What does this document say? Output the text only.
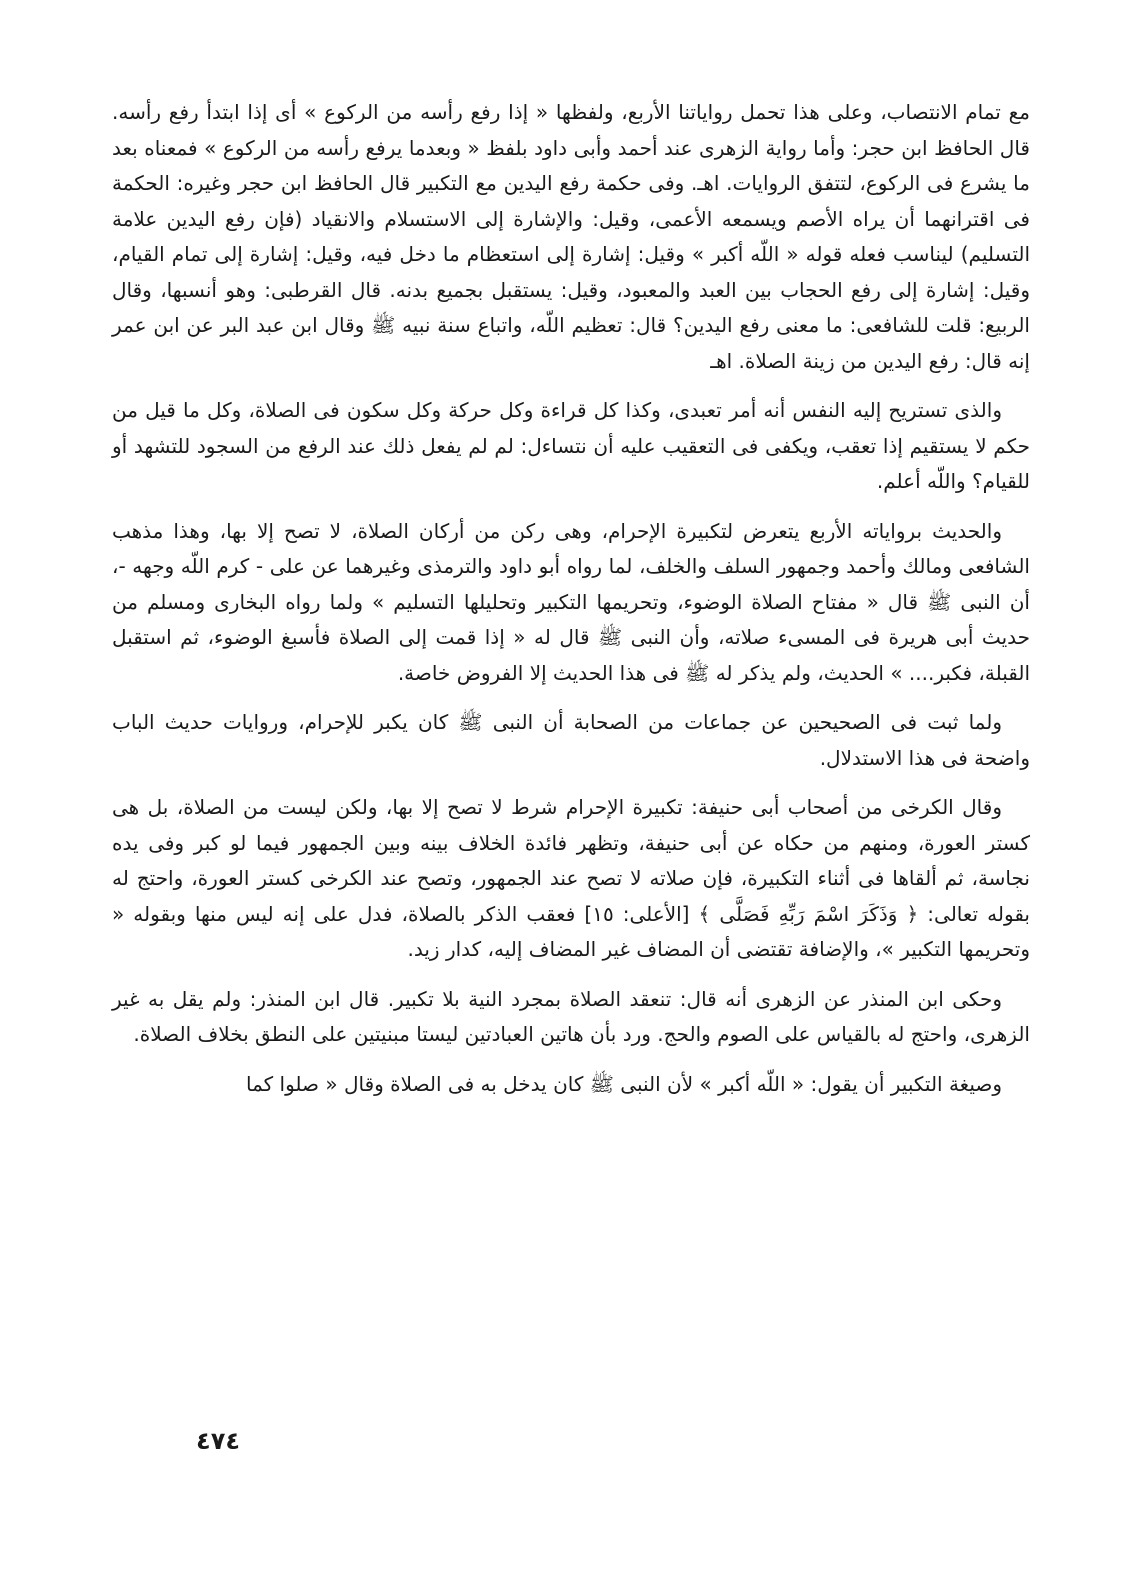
مع تمام الانتصاب، وعلى هذا تحمل رواياتنا الأربع، ولفظها « إذا رفع رأسه من الركوع » أى إذا ابتدأ رفع رأسه. قال الحافظ ابن حجر: وأما رواية الزهرى عند أحمد وأبى داود بلفظ « وبعدما يرفع رأسه من الركوع » فمعناه بعد ما يشرع فى الركوع، لتتفق الروايات. اهـ. وفى حكمة رفع اليدين مع التكبير قال الحافظ ابن حجر وغيره: الحكمة فى اقترانهما أن يراه الأصم ويسمعه الأعمى، وقيل: والإشارة إلى الاستسلام والانقياد (فإن رفع اليدين علامة التسليم) ليناسب فعله قوله « اللّه أكبر » وقيل: إشارة إلى استعظام ما دخل فيه، وقيل: إشارة إلى تمام القيام، وقيل: إشارة إلى رفع الحجاب بين العبد والمعبود، وقيل: يستقبل بجميع بدنه. قال القرطبى: وهو أنسبها، وقال الربيع: قلت للشافعى: ما معنى رفع اليدين؟ قال: تعظيم اللّه، واتباع سنة نبيه ﷺ وقال ابن عبد البر عن ابن عمر إنه قال: رفع اليدين من زينة الصلاة. اهـ

والذى تستريح إليه النفس أنه أمر تعبدى، وكذا كل قراءة وكل حركة وكل سكون فى الصلاة، وكل ما قيل من حكم لا يستقيم إذا تعقب، ويكفى فى التعقيب عليه أن نتساءل: لم لم يفعل ذلك عند الرفع من السجود للتشهد أو للقيام؟ واللّه أعلم.

والحديث برواياته الأربع يتعرض لتكبيرة الإحرام، وهى ركن من أركان الصلاة، لا تصح إلا بها، وهذا مذهب الشافعى ومالك وأحمد وجمهور السلف والخلف، لما رواه أبو داود والترمذى وغيرهما عن على - كرم اللّه وجهه -، أن النبى ﷺ قال « مفتاح الصلاة الوضوء، وتحريمها التكبير وتحليلها التسليم » ولما رواه البخارى ومسلم من حديث أبى هريرة فى المسىء صلاته، وأن النبى ﷺ قال له « إذا قمت إلى الصلاة فأسبغ الوضوء، ثم استقبل القبلة، فكبر.... » الحديث، ولم يذكر له ﷺ فى هذا الحديث إلا الفروض خاصة.

ولما ثبت فى الصحيحين عن جماعات من الصحابة أن النبى ﷺ كان يكبر للإحرام، وروايات حديث الباب واضحة فى هذا الاستدلال.

وقال الكرخى من أصحاب أبى حنيفة: تكبيرة الإحرام شرط لا تصح إلا بها، ولكن ليست من الصلاة، بل هى كستر العورة، ومنهم من حكاه عن أبى حنيفة، وتظهر فائدة الخلاف بينه وبين الجمهور فيما لو كبر وفى يده نجاسة، ثم ألقاها فى أثناء التكبيرة، فإن صلاته لا تصح عند الجمهور، وتصح عند الكرخى كستر العورة، واحتج له بقوله تعالى: ﴿ وَذَكَرَ اسْمَ رَبِّهِ فَصَلَّى ﴾ [الأعلى: ١٥] فعقب الذكر بالصلاة، فدل على إنه ليس منها وبقوله « وتحريمها التكبير »، والإضافة تقتضى أن المضاف غير المضاف إليه، كدار زيد.

وحكى ابن المنذر عن الزهرى أنه قال: تنعقد الصلاة بمجرد النية بلا تكبير. قال ابن المنذر: ولم يقل به غير الزهرى، واحتج له بالقياس على الصوم والحج. ورد بأن هاتين العبادتين ليستا مبنيتين على النطق بخلاف الصلاة.

وصيغة التكبير أن يقول: « اللّه أكبر » لأن النبى ﷺ كان يدخل به فى الصلاة وقال « صلوا كما

٤٧٤
